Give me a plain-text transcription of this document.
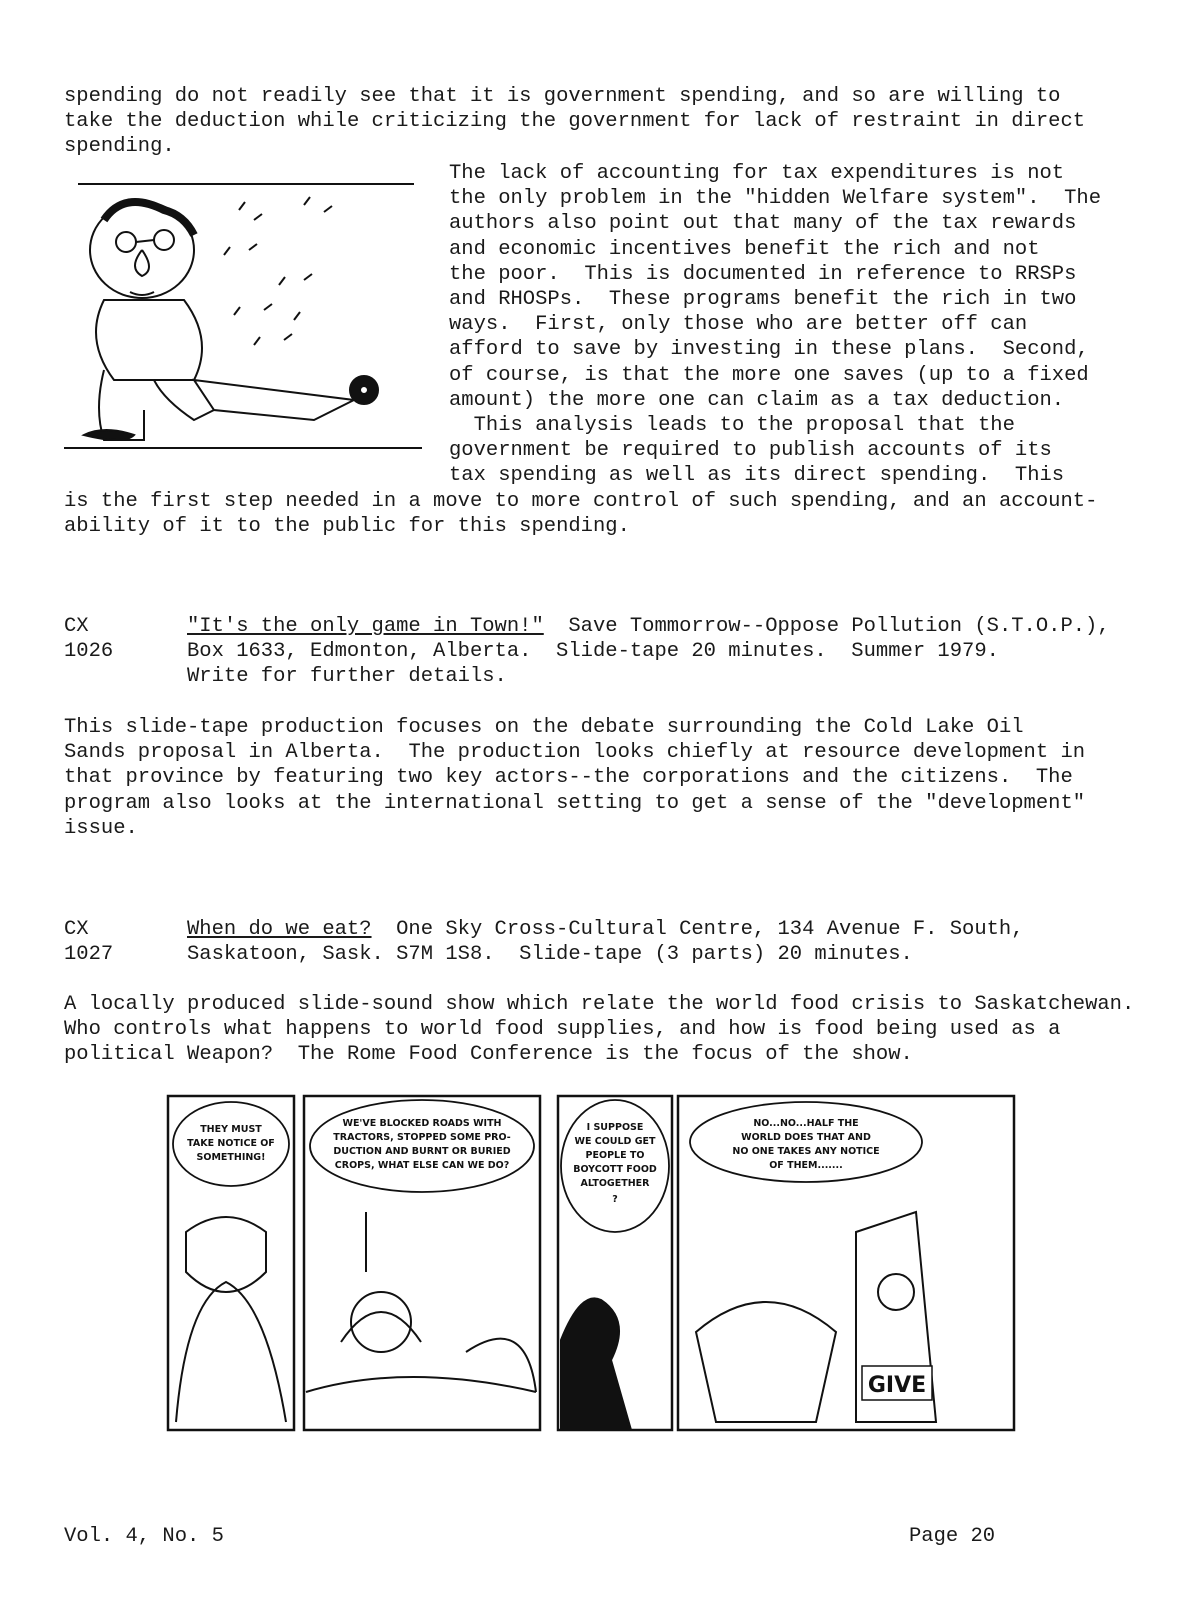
spending do not readily see that it is government spending, and so are willing to
take the deduction while criticizing the government for lack of restraint in direct
spending.
The lack of accounting for tax expenditures is not
the only problem in the "hidden Welfare system".  The
authors also point out that many of the tax rewards
and economic incentives benefit the rich and not
the poor.  This is documented in reference to RRSPs
and RHOSPs.  These programs benefit the rich in two
ways.  First, only those who are better off can
afford to save by investing in these plans.  Second,
of course, is that the more one saves (up to a fixed
amount) the more one can claim as a tax deduction.
This analysis leads to the proposal that the
government be required to publish accounts of its
tax spending as well as its direct spending.  This
is the first step needed in a move to more control of such spending, and an account-
ability of it to the public for this spending.
CX
1026
"It's the only game in Town!"  Save Tommorrow--Oppose Pollution (S.T.O.P.),
Box 1633, Edmonton, Alberta.  Slide-tape 20 minutes.  Summer 1979.
Write for further details.
This slide-tape production focuses on the debate surrounding the Cold Lake Oil
Sands proposal in Alberta.  The production looks chiefly at resource development in
that province by featuring two key actors--the corporations and the citizens.  The
program also looks at the international setting to get a sense of the "development"
issue.
CX
1027
When do we eat?  One Sky Cross-Cultural Centre, 134 Avenue F. South,
Saskatoon, Sask. S7M 1S8.  Slide-tape (3 parts) 20 minutes.
A locally produced slide-sound show which relate the world food crisis to Saskatchewan.
Who controls what happens to world food supplies, and how is food being used as a
political Weapon?  The Rome Food Conference is the focus of the show.
THEY MUST
TAKE NOTICE OF
SOMETHING!
WE'VE BLOCKED ROADS WITH
TRACTORS, STOPPED SOME PRO-
DUCTION AND BURNT OR BURIED
CROPS, WHAT ELSE CAN WE DO?
I SUPPOSE
WE COULD GET
PEOPLE TO
BOYCOTT FOOD
ALTOGETHER
?
NO...NO...HALF THE
WORLD DOES THAT AND
NO ONE TAKES ANY NOTICE
OF THEM.......
GIVE
Vol. 4, No. 5	Page 20
